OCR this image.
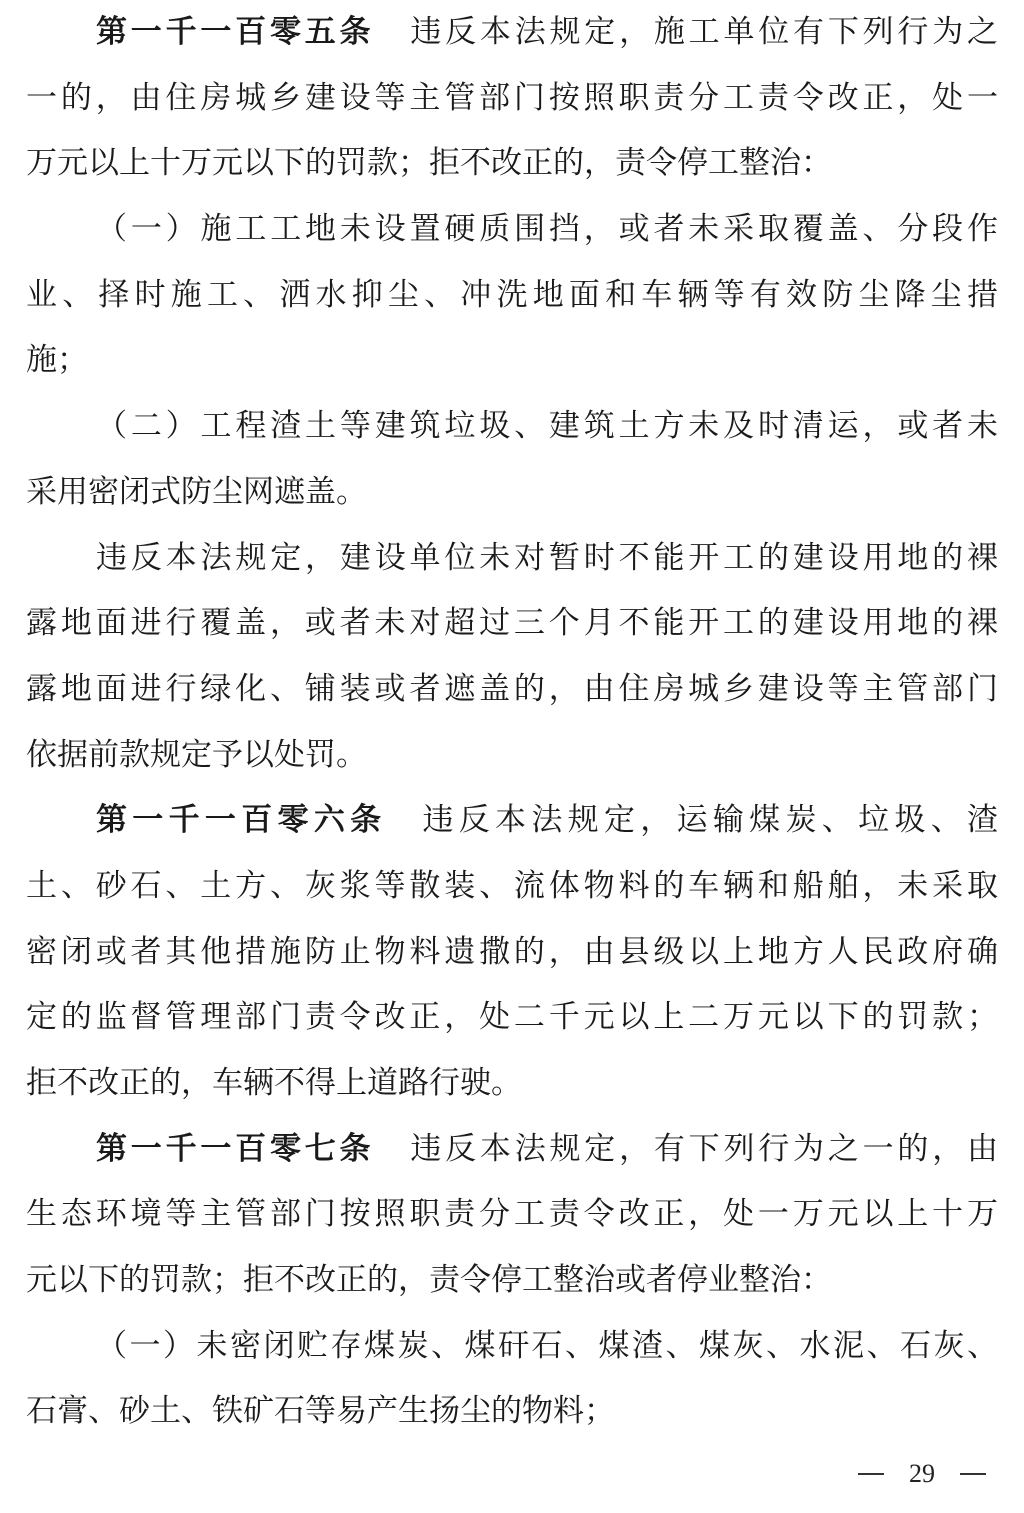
第一千一百零五条 违反本法规定，施工单位有下列行为之
一的，由住房城乡建设等主管部门按照职责分工责令改正，处一
万元以上十万元以下的罚款；拒不改正的，责令停工整治：
（一）施工工地未设置硬质围挡，或者未采取覆盖、分段作
业、择时施工、洒水抑尘、冲洗地面和车辆等有效防尘降尘措
施；
（二）工程渣土等建筑垃圾、建筑土方未及时清运，或者未
采用密闭式防尘网遮盖。
违反本法规定，建设单位未对暂时不能开工的建设用地的裸
露地面进行覆盖，或者未对超过三个月不能开工的建设用地的裸
露地面进行绿化、铺装或者遮盖的，由住房城乡建设等主管部门
依据前款规定予以处罚。
第一千一百零六条 违反本法规定，运输煤炭、垃圾、渣
土、砂石、土方、灰浆等散装、流体物料的车辆和船舶，未采取
密闭或者其他措施防止物料遗撒的，由县级以上地方人民政府确
定的监督管理部门责令改正，处二千元以上二万元以下的罚款；
拒不改正的，车辆不得上道路行驶。
第一千一百零七条 违反本法规定，有下列行为之一的，由
生态环境等主管部门按照职责分工责令改正，处一万元以上十万
元以下的罚款；拒不改正的，责令停工整治或者停业整治：
（一）未密闭贮存煤炭、煤矸石、煤渣、煤灰、水泥、石灰、
石膏、砂土、铁矿石等易产生扬尘的物料；
29
